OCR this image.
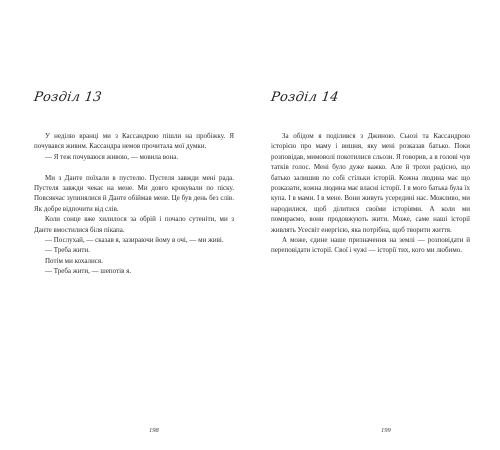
Розділ 13

У неділю вранці ми з Кассандрою пішли на пробіжку. Я почувався живим. Кассандра немов прочитала мої думки.

— Я теж почуваюся живою, — мовила вона.

Ми з Данте поїхали в пустелю. Пустеля завжди мені рада. Пустеля завжди чекає на мене. Ми довго крокували по піску. Повсякчас зупинялися й Данте обіймав мене. Це був день без слів. Як добре відпочити від слів.

Коли сонце вже хилилося за обрій і почало сутеніти, ми з Данте вмостилися біля пікапа.

— Послухай, — сказав я, зазираючи йому в очі, — ми живі.

— Треба жити.

Потім ми кохалися.

— Треба жити, — шепотів я.

198
Розділ 14

За обідом я поділився з Джиною. Сьюзі та Кассандрою історією про маму і вишня, яку мені розказав батько. Поки розповідав, мимоволі покотилися сльози. Я говорив, а в голові чув татків голос. Мені було дуже важко. Але й трохи радісно, що батько залишив по собі стільки історій. Кожна людина має що розказати, кожна людина має власні історії. І в мого батька була їх купа. І в мами. І в мене. Вони живуть усередині нас. Можливо, ми народилися, щоб ділитися своїми історіями. А коли ми помираємо, вони продовжують жити. Може, саме наші історії живлять Усесвіт енергією, яка потрібна, щоб творити життя.

А може, єдине наше призначення на землі — розповідати й переповідати історії. Свої і чужі — історії тих, кого ми любимо.

199
